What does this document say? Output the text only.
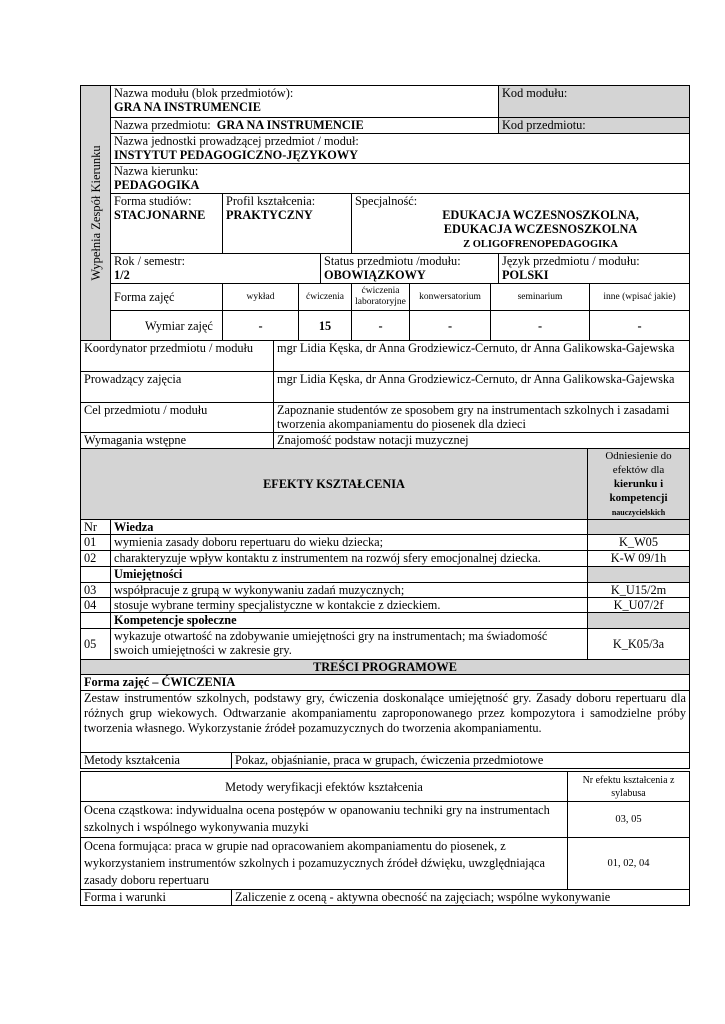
Wypełnia Zespół Kierunku	Nazwa modułu (blok przedmiotów):
GRA NA INSTRUMENCIE							Kod modułu:	
	Nazwa przedmiotu: GRA NA INSTRUMENCIE							Kod przedmiotu:	
	Nazwa jednostki prowadzącej przedmiot / moduł:
INSTYTUT PEDAGOGICZNO-JĘZYKOWY								
	Nazwa kierunku:
PEDAGOGIKA								
	Forma studiów:
STACJONARNE	Profil kształcenia:
PRAKTYCZNY			Specjalność:

EDUKACJA WCZESNOSZKOLNA,
EDUKACJA WCZESNOSZKOLNA
Z OLIGOFRENOPEDAGOGIKA				

	Rok / semestr:
1/2			Status przedmiotu /modułu:
OBOWIĄZKOWY				Język przedmiotu / modułu:
POLSKI	
	Forma zajęć	wykład	ćwiczenia		ćwiczenia laboratoryjne	konwersatorium	seminarium		inne (wpisać jakie)
	Wymiar zajęć	-	15		-	-	-		-
Koordynator przedmiotu / modułu	mgr Lidia Kęska, dr Anna Grodziewicz-Cernuto, dr Anna Galikowska-Gajewska
Prowadzący zajęcia	mgr Lidia Kęska, dr Anna Grodziewicz-Cernuto, dr Anna Galikowska-Gajewska
Cel przedmiotu / modułu	Zapoznanie studentów ze sposobem gry na instrumentach szkolnych i zasadami tworzenia akompaniamentu do piosenek dla dzieci
Wymagania wstępne	Znajomość podstaw notacji muzycznej
EFEKTY KSZTAŁCENIA		Odniesienie do efektów dla
kierunku i kompetencji
nauczycielskich
Nr	Wiedza	
01	wymienia zasady doboru repertuaru do wieku dziecka;	K_W05
02	charakteryzuje wpływ kontaktu z instrumentem na rozwój sfery emocjonalnej dziecka.	K-W 09/1h
	Umiejętności	
03	współpracuje z grupą w wykonywaniu zadań muzycznych;	K_U15/2m
04	stosuje wybrane terminy specjalistyczne w kontakcie z dzieckiem.	K_U07/2f
	Kompetencje społeczne	
05	wykazuje otwartość na zdobywanie umiejętności gry na instrumentach; ma świadomość swoich umiejętności w zakresie gry.	K_K05/3a
TREŚCI PROGRAMOWE
Forma zajęć – ĆWICZENIA
Zestaw instrumentów szkolnych, podstawy gry, ćwiczenia doskonalące umiejętność gry. Zasady doboru repertuaru dla różnych grup wiekowych. Odtwarzanie akompaniamentu zaproponowanego przez kompozytora i samodzielne próby tworzenia własnego. Wykorzystanie źródeł pozamuzycznych do tworzenia akompaniamentu.
Metody kształcenia	Pokaz, objaśnianie, praca w grupach, ćwiczenia przedmiotowe
Metody weryfikacji efektów kształcenia		Nr efektu kształcenia z sylabusa
Ocena cząstkowa: indywidualna ocena postępów w opanowaniu techniki gry na instrumentach szkolnych i wspólnego wykonywania muzyki		03, 05
Ocena formująca: praca w grupie nad opracowaniem akompaniamentu do piosenek, z wykorzystaniem instrumentów szkolnych i pozamuzycznych źródeł dźwięku, uwzględniająca zasady doboru repertuaru		01, 02, 04
Forma i warunki	Zaliczenie z oceną - aktywna obecność na zajęciach; wspólne wykonywanie	
